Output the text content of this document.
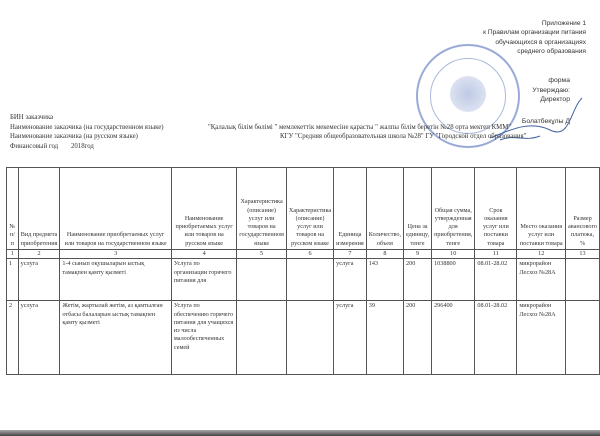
Приложение 1
к Правилам организации питания
обучающихся в организациях
среднего образования
форма
Утверждаю:
Директор
Болатбекұлы Д
БИН заказчика
Наименование заказчика (на государственном языке)	"Қалалық білім бөлімі " мемлекеттік мекемесіне қарасты " жалпы білім беретін №28 орта мектеп КММ"
Наименование заказчика (на русском языке)	КГУ "Средняя общеобразовательная школа №28" ГУ "Городской отдел образования"
Финансовый год 2018год
№ п/п	Вид предмета приобретения	Наименование приобретаемых услуг или товаров на государственном языке	Наименование приобретаемых услуг или товаров на русском языке	Характеристика (описание) услуг или товаров на государственном языке	Характеристика (описание) услуг или товаров на русском языке	Единица измерения	Количество, объем	Цена за единицу, тенге	Общая сумма, утвержденная для приобретения, тенге	Срок оказания услуг или поставки товара	Место оказания услуг или поставки товара	Размер авансового платежа, %
1	2	3	4	5	6	7	8	9	10	11	12	13
1	услуга	1-4 сынып оқушыларын ыстық тамақпен қамту қызметі	Услуга по организации горячего питания для			услуга	143	200	1038800	08.01-28.02	микрорайон Лесхоз №28А	
2	услуга	Жетім, жартылай жетім, аз қамтылған отбасы балаларын ыстық тамақпен қамту қызметі	Услуга по обеспечению горячего питания для учащихся из числа малообеспеченных семей			услуга	39	200	296400	08.01-28.02	микрорайон Лесхоз №28А	
